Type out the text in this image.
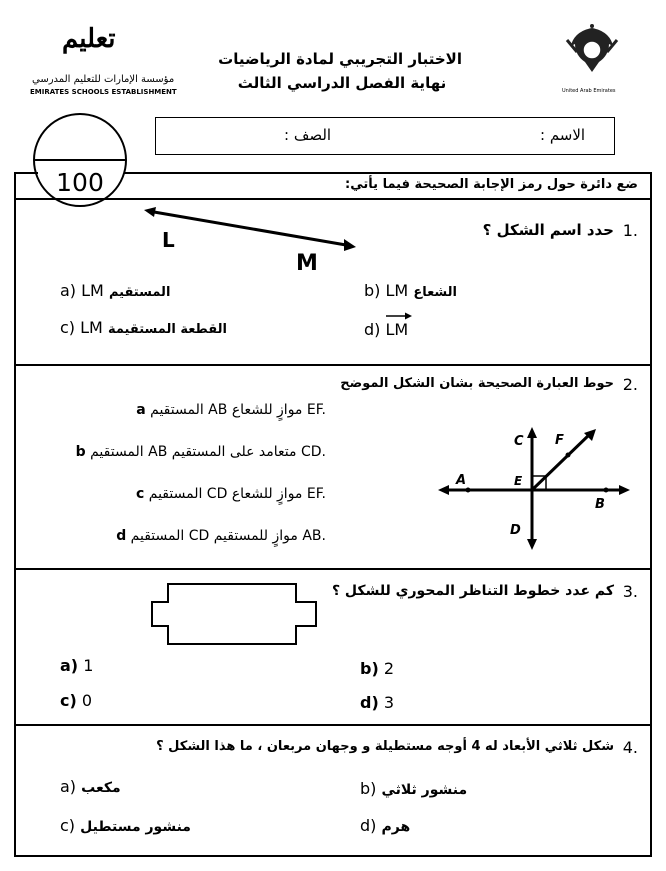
تعليم
مؤسسة الإمارات للتعليم المدرسي
EMIRATES SCHOOLS ESTABLISHMENT
الاختبار التجريبي لمادة الرياضيات
نهاية الفصل الدراسي الثالث	United Arab Emirates
الاسم :
الصف :
100	ضع دائرة حول رمز الإجابة الصحيحة فيما يأتي:
1.
حدد اسم الشكل ؟
L
M
a) LM المستقيم	b) LM الشعاع
c) LM القطعة المستقيمة	d) LM
2.
حوط العبارة الصحيحة بشان الشكل الموضح
a المستقيم AB موازٍ للشعاع EF.
b المستقيم AB متعامد على المستقيم CD.
c المستقيم CD موازٍ للشعاع EF.
d المستقيم CD موازٍ للمستقيم AB.
A
B
C
D
E
F
3.
كم عدد خطوط التناظر المحوري للشكل ؟
a) 1	b) 2
c) 0	d) 3
4.
شكل ثلاثي الأبعاد له 4 أوجه مستطيلة و وجهان مربعان ، ما هذا الشكل ؟
a) مكعب	b) منشور ثلاثي
c) منشور مستطيل	d) هرم
